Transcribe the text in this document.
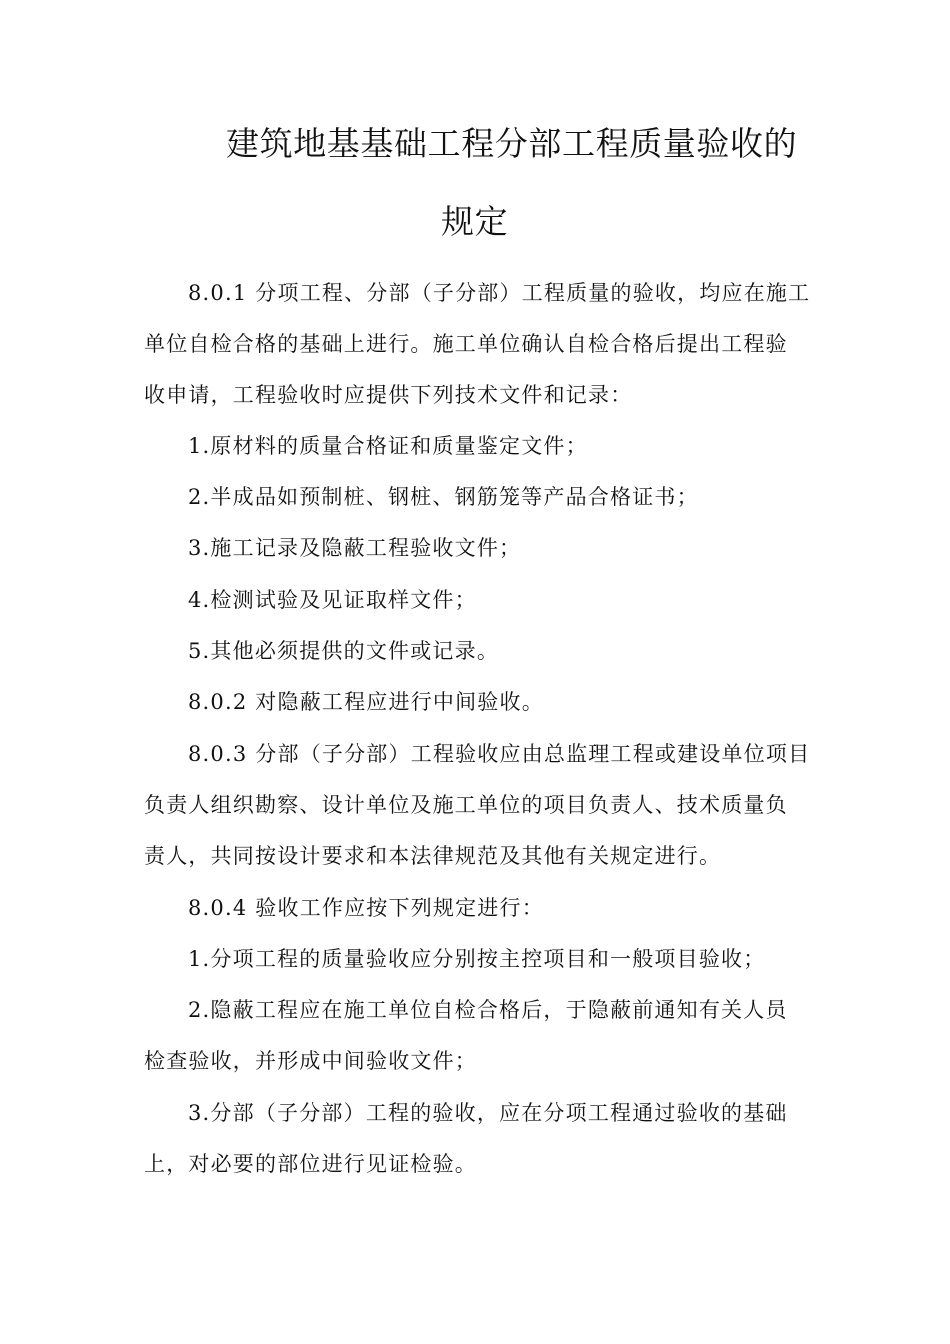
建筑地基基础工程分部工程质量验收的
规定
8.0.1 分项工程、分部（子分部）工程质量的验收，均应在施工
单位自检合格的基础上进行。施工单位确认自检合格后提出工程验
收申请，工程验收时应提供下列技术文件和记录：
1.原材料的质量合格证和质量鉴定文件；
2.半成品如预制桩、钢桩、钢筋笼等产品合格证书；
3.施工记录及隐蔽工程验收文件；
4.检测试验及见证取样文件；
5.其他必须提供的文件或记录。
8.0.2 对隐蔽工程应进行中间验收。
8.0.3 分部（子分部）工程验收应由总监理工程或建设单位项目
负责人组织勘察、设计单位及施工单位的项目负责人、技术质量负
责人，共同按设计要求和本法律规范及其他有关规定进行。
8.0.4 验收工作应按下列规定进行：
1.分项工程的质量验收应分别按主控项目和一般项目验收；
2.隐蔽工程应在施工单位自检合格后，于隐蔽前通知有关人员
检查验收，并形成中间验收文件；
3.分部（子分部）工程的验收，应在分项工程通过验收的基础
上，对必要的部位进行见证检验。
